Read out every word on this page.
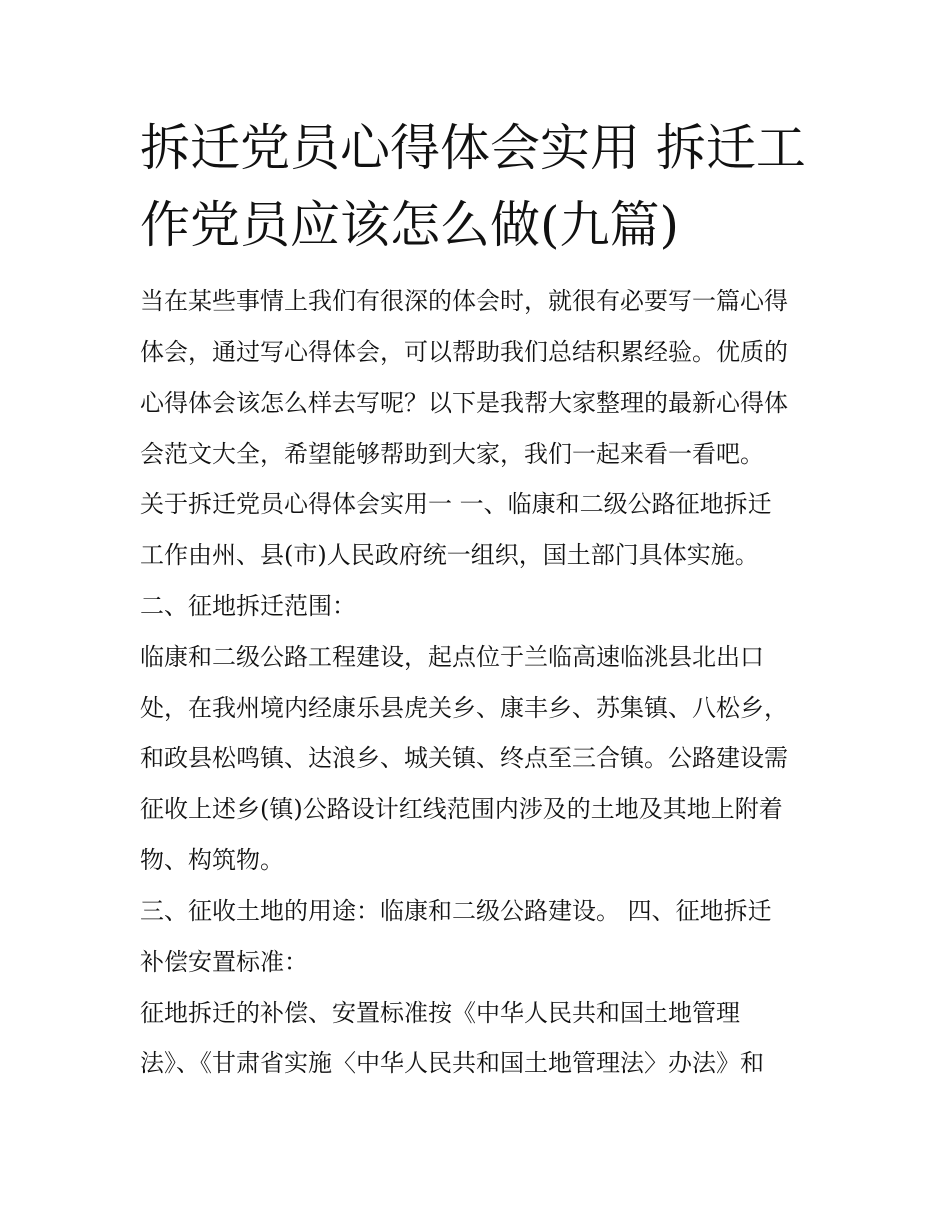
拆迁党员心得体会实用 拆迁工
作党员应该怎么做(九篇)
当在某些事情上我们有很深的体会时，就很有必要写一篇心得
体会，通过写心得体会，可以帮助我们总结积累经验。优质的
心得体会该怎么样去写呢？以下是我帮大家整理的最新心得体
会范文大全，希望能够帮助到大家，我们一起来看一看吧。
关于拆迁党员心得体会实用一 一、临康和二级公路征地拆迁
工作由州、县(市)人民政府统一组织，国土部门具体实施。
二、征地拆迁范围：
临康和二级公路工程建设，起点位于兰临高速临洮县北出口
处，在我州境内经康乐县虎关乡、康丰乡、苏集镇、八松乡，
和政县松鸣镇、达浪乡、城关镇、终点至三合镇。公路建设需
征收上述乡(镇)公路设计红线范围内涉及的土地及其地上附着
物、构筑物。
三、征收土地的用途：临康和二级公路建设。 四、征地拆迁
补偿安置标准：
征地拆迁的补偿、安置标准按《中华人民共和国土地管理
法》、《甘肃省实施〈中华人民共和国土地管理法〉办法》和
